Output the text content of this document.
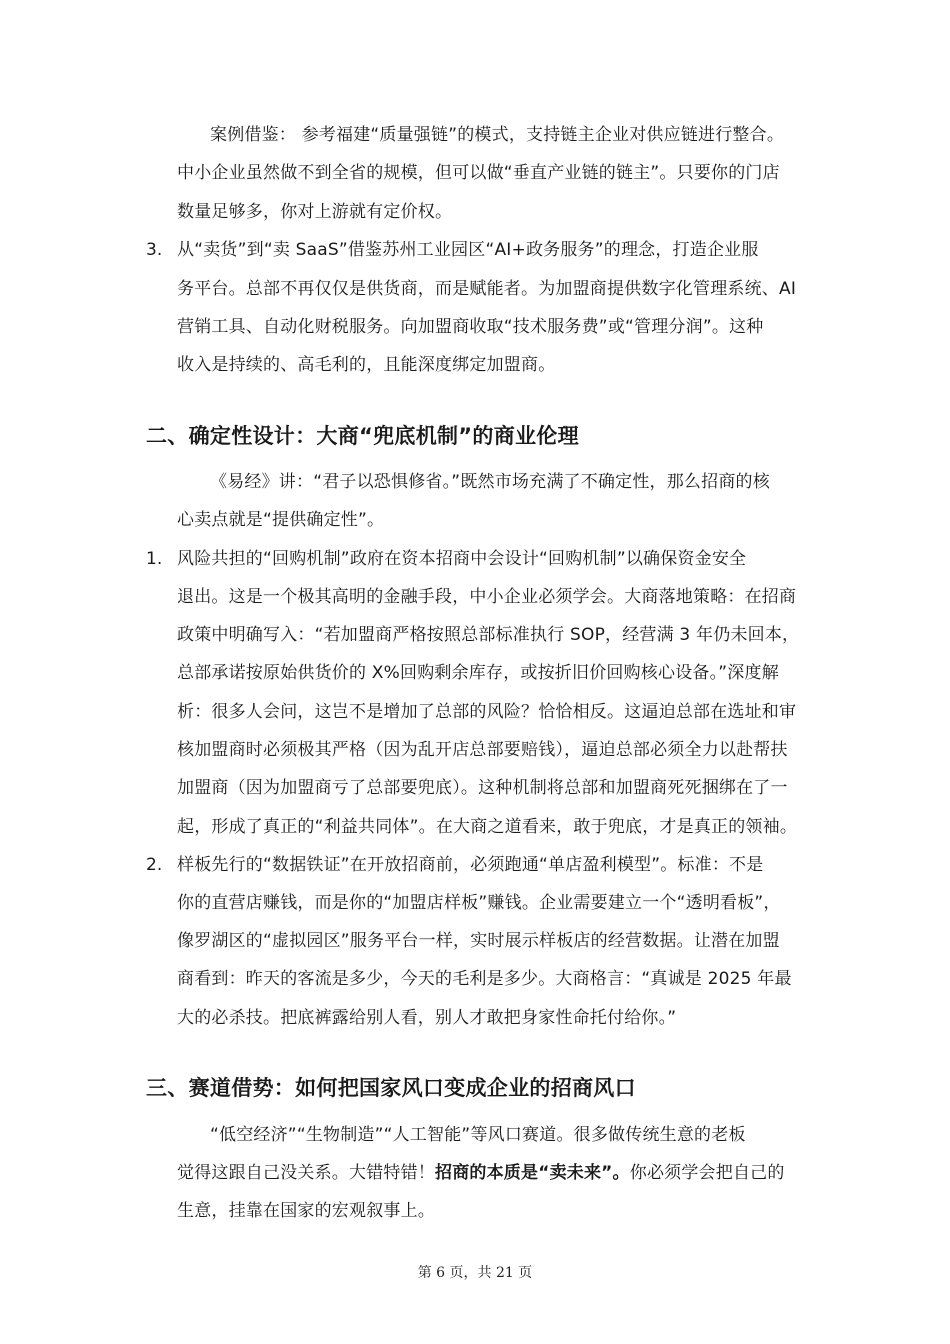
案例借鉴： 参考福建“质量强链”的模式，支持链主企业对供应链进行整合。
中小企业虽然做不到全省的规模，但可以做“垂直产业链的链主”。只要你的门店
数量足够多，你对上游就有定价权。
3. 从“卖货”到“卖 SaaS”借鉴苏州工业园区“AI+政务服务”的理念，打造企业服
务平台。总部不再仅仅是供货商，而是赋能者。为加盟商提供数字化管理系统、AI
营销工具、自动化财税服务。向加盟商收取“技术服务费”或“管理分润”。这种
收入是持续的、高毛利的，且能深度绑定加盟商。
二、确定性设计：大商“兜底机制”的商业伦理
《易经》讲：“君子以恐惧修省。”既然市场充满了不确定性，那么招商的核
心卖点就是“提供确定性”。
1. 风险共担的“回购机制”政府在资本招商中会设计“回购机制”以确保资金安全
退出。这是一个极其高明的金融手段，中小企业必须学会。大商落地策略：在招商
政策中明确写入：“若加盟商严格按照总部标准执行 SOP，经营满 3 年仍未回本，
总部承诺按原始供货价的 X%回购剩余库存，或按折旧价回购核心设备。”深度解
析：很多人会问，这岂不是增加了总部的风险？恰恰相反。这逼迫总部在选址和审
核加盟商时必须极其严格（因为乱开店总部要赔钱），逼迫总部必须全力以赴帮扶
加盟商（因为加盟商亏了总部要兜底）。这种机制将总部和加盟商死死捆绑在了一
起，形成了真正的“利益共同体”。在大商之道看来，敢于兜底，才是真正的领袖。
2. 样板先行的“数据铁证”在开放招商前，必须跑通“单店盈利模型”。标准：不是
你的直营店赚钱，而是你的“加盟店样板”赚钱。企业需要建立一个“透明看板”，
像罗湖区的“虚拟园区”服务平台一样，实时展示样板店的经营数据。让潜在加盟
商看到：昨天的客流是多少，今天的毛利是多少。大商格言：“真诚是 2025 年最
大的必杀技。把底裤露给别人看，别人才敢把身家性命托付给你。”
三、赛道借势：如何把国家风口变成企业的招商风口
“低空经济”“生物制造”“人工智能”等风口赛道。很多做传统生意的老板
觉得这跟自己没关系。大错特错！招商的本质是“卖未来”。你必须学会把自己的
生意，挂靠在国家的宏观叙事上。
第 6 页，共 21 页
